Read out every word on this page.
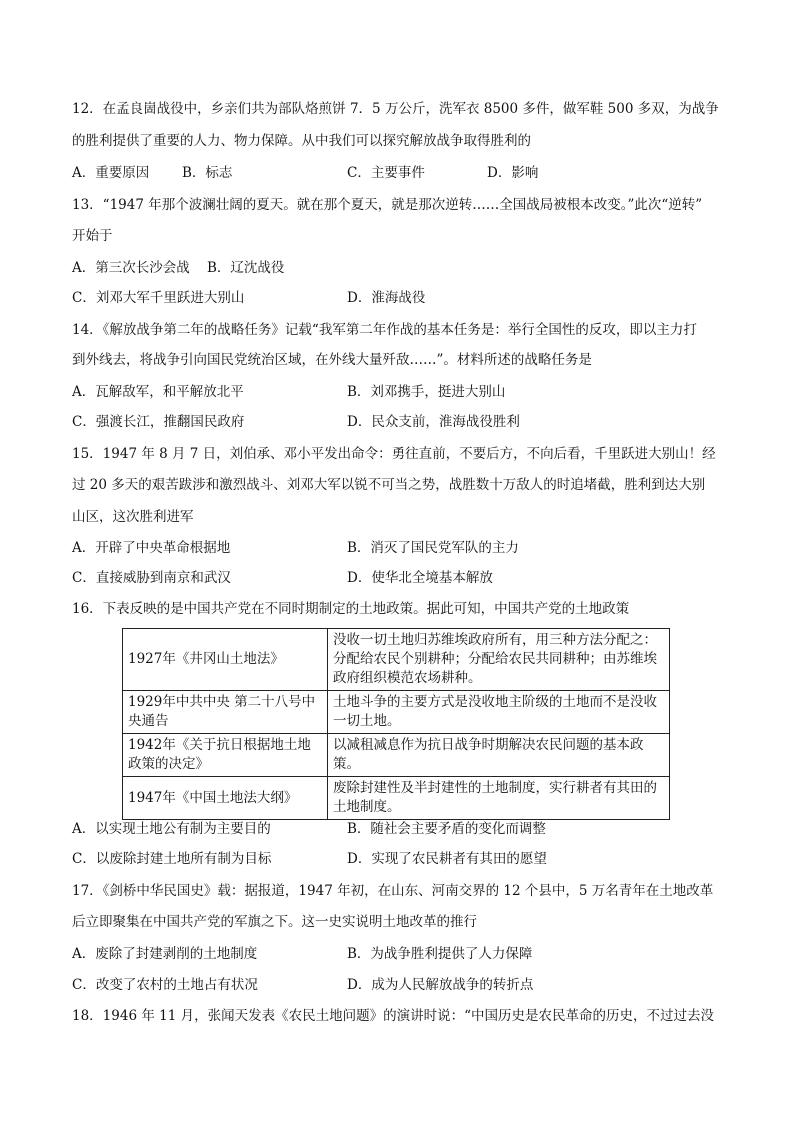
12．在孟良崮战役中，乡亲们共为部队烙煎饼 7．5 万公斤，洗军衣 8500 多件，做军鞋 500 多双，为战争
的胜利提供了重要的人力、物力保障。从中我们可以探究解放战争取得胜利的
A．重要原因 B．标志	C．主要事件	D．影响
13．“1947 年那个波澜壮阔的夏天。就在那个夏天，就是那次逆转……全国战局被根本改变。”此次“逆转”
开始于
A．第三次长沙会战 B．辽沈战役
C．刘邓大军千里跃进大别山	D．淮海战役
14．《解放战争第二年的战略任务》记载“我军第二年作战的基本任务是：举行全国性的反攻，即以主力打
到外线去，将战争引向国民党统治区域，在外线大量歼敌……”。材料所述的战略任务是
A．瓦解敌军，和平解放北平	B．刘邓携手，挺进大别山
C．强渡长江，推翻国民政府	D．民众支前，淮海战役胜利
15．1947 年 8 月 7 日，刘伯承、邓小平发出命令：勇往直前，不要后方，不向后看，千里跃进大别山！经
过 20 多天的艰苦跋涉和激烈战斗、刘邓大军以锐不可当之势，战胜数十万敌人的时追堵截，胜利到达大别
山区，这次胜利进军
A．开辟了中央革命根据地	B．消灭了国民党军队的主力
C．直接威胁到南京和武汉	D．使华北全境基本解放
16．下表反映的是中国共产党在不同时期制定的土地政策。据此可知，中国共产党的土地政策
1927年《井冈山土地法》	没收一切土地归苏维埃政府所有，用三种方法分配之：分配给农民个别耕种；分配给农民共同耕种；由苏维埃政府组织模范农场耕种。
1929年中共中央 第二十八号中央通告	土地斗争的主要方式是没收地主阶级的土地而不是没收一切土地。
1942年《关于抗日根据地土地政策的决定》	以减租减息作为抗日战争时期解决农民问题的基本政策。
1947年《中国土地法大纲》	废除封建性及半封建性的土地制度，实行耕者有其田的土地制度。
A．以实现土地公有制为主要目的	B．随社会主要矛盾的变化而调整
C．以废除封建土地所有制为目标	D．实现了农民耕者有其田的愿望
17．《剑桥中华民国史》载：据报道，1947 年初，在山东、河南交界的 12 个县中，5 万名青年在土地改革
后立即聚集在中国共产党的军旗之下。这一史实说明土地改革的推行
A．废除了封建剥削的土地制度	B．为战争胜利提供了人力保障
C．改变了农村的土地占有状况	D．成为人民解放战争的转折点
18．1946 年 11 月，张闻天发表《农民土地问题》的演讲时说：“中国历史是农民革命的历史，不过过去没
